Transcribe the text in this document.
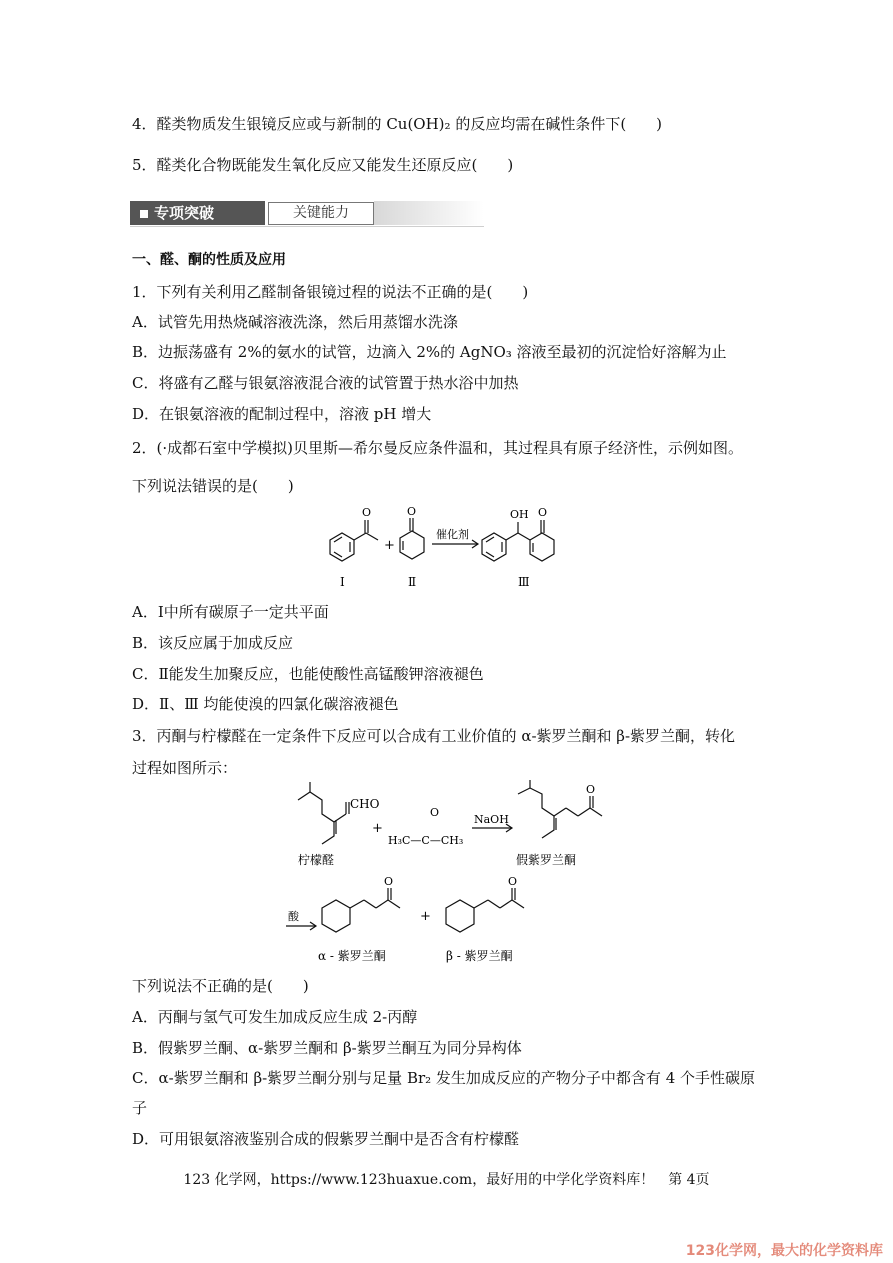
4．醛类物质发生银镜反应或与新制的 Cu(OH)₂ 的反应均需在碱性条件下(　　)
5．醛类化合物既能发生氧化反应又能发生还原反应(　　)
专项突破	关键能力
一、醛、酮的性质及应用
1．下列有关利用乙醛制备银镜过程的说法不正确的是(　　)
A．试管先用热烧碱溶液洗涤，然后用蒸馏水洗涤
B．边振荡盛有 2%的氨水的试管，边滴入 2%的 AgNO₃ 溶液至最初的沉淀恰好溶解为止
C．将盛有乙醛与银氨溶液混合液的试管置于热水浴中加热
D．在银氨溶液的配制过程中，溶液 pH 增大
2．(·成都石室中学模拟)贝里斯—希尔曼反应条件温和，其过程具有原子经济性，示例如图。
下列说法错误的是(　　)
O	O	OH O
+
催化剂
Ⅰ	Ⅱ	Ⅲ
A．Ⅰ中所有碳原子一定共平面
B．该反应属于加成反应
C．Ⅱ能发生加聚反应，也能使酸性高锰酸钾溶液褪色
D．Ⅱ、Ⅲ 均能使溴的四氯化碳溶液褪色
3．丙酮与柠檬醛在一定条件下反应可以合成有工业价值的 α-紫罗兰酮和 β-紫罗兰酮，转化
过程如图所示：
CHO
+
O
H₃C—C—CH₃
NaOH
O
柠檬醛	假紫罗兰酮
酸
O	O
+
α - 紫罗兰酮	β - 紫罗兰酮
下列说法不正确的是(　　)
A．丙酮与氢气可发生加成反应生成 2-丙醇
B．假紫罗兰酮、α-紫罗兰酮和 β-紫罗兰酮互为同分异构体
C．α-紫罗兰酮和 β-紫罗兰酮分别与足量 Br₂ 发生加成反应的产物分子中都含有 4 个手性碳原
子
D．可用银氨溶液鉴别合成的假紫罗兰酮中是否含有柠檬醛
123 化学网，https://www.123huaxue.com，最好用的中学化学资料库！　第 4页
123化学网，最大的化学资料库
